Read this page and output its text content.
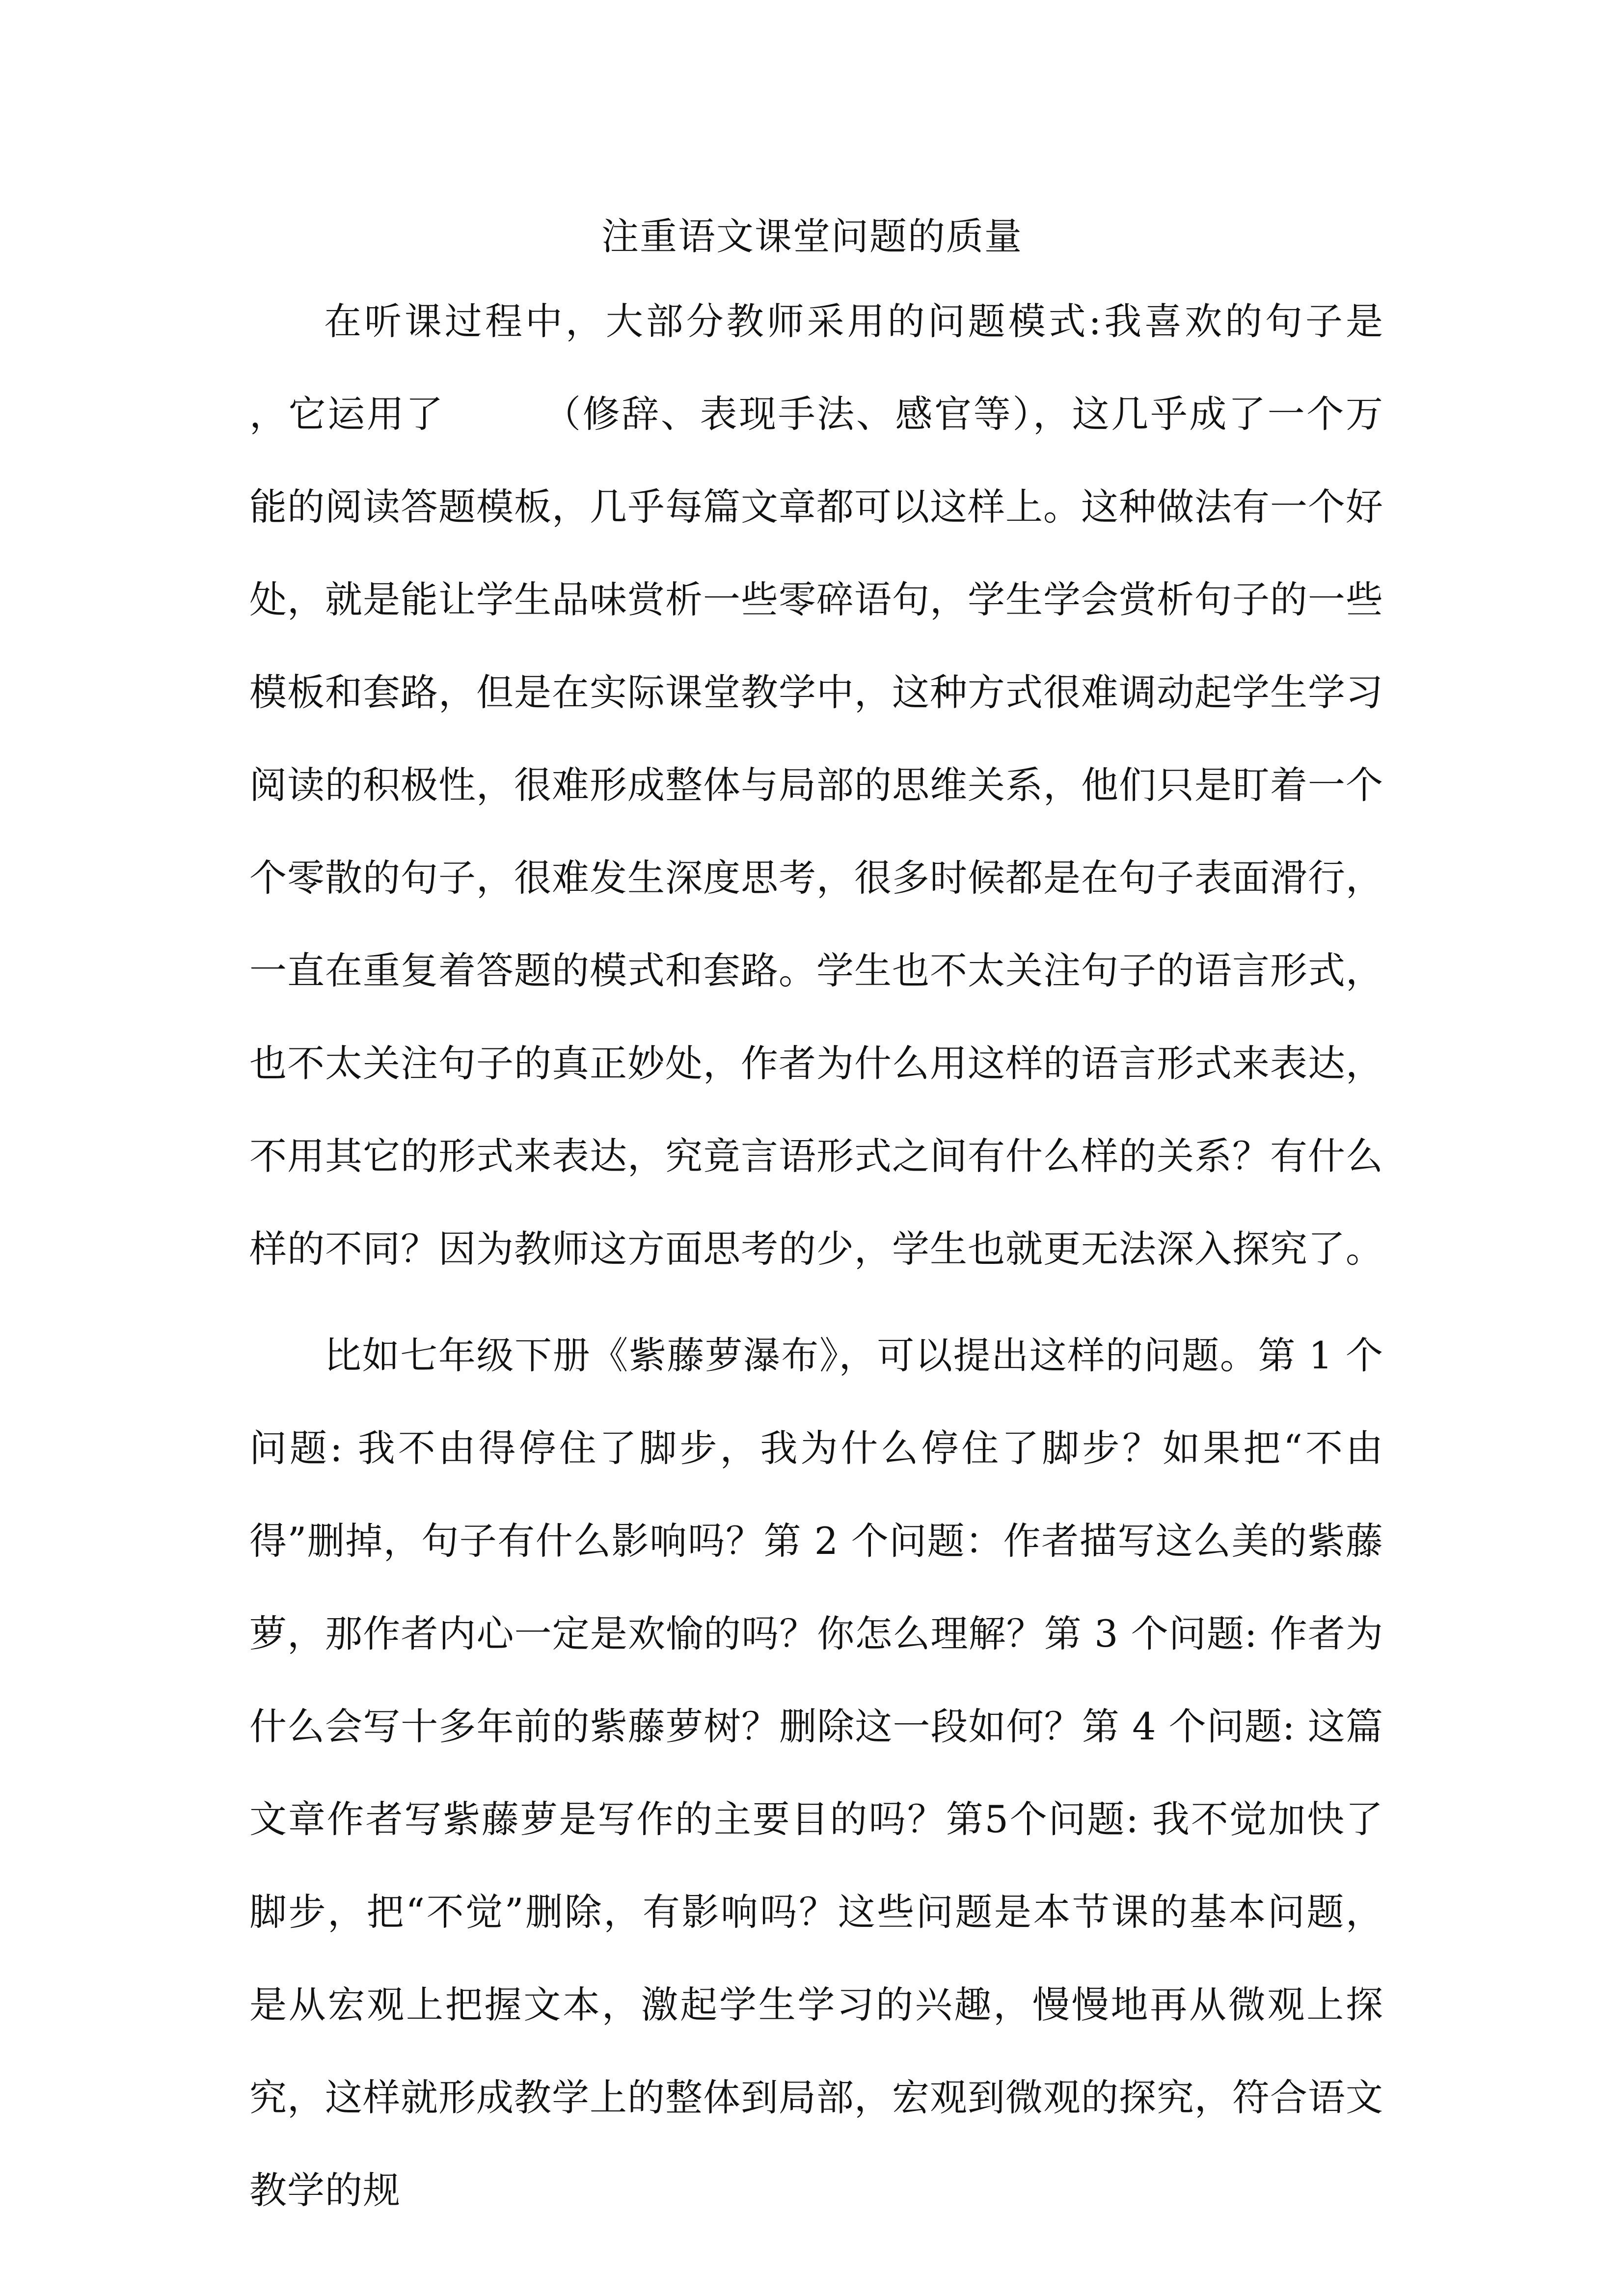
注重语文课堂问题的质量

在听课过程中，大部分教师采用的问题模式:我喜欢的句子是　　　，它运用了　　　（修辞、表现手法、感官等），这几乎成了一个万能的阅读答题模板，几乎每篇文章都可以这样上。这种做法有一个好处，就是能让学生品味赏析一些零碎语句，学生学会赏析句子的一些模板和套路，但是在实际课堂教学中，这种方式很难调动起学生学习阅读的积极性，很难形成整体与局部的思维关系，他们只是盯着一个个零散的句子，很难发生深度思考，很多时候都是在句子表面滑行，一直在重复着答题的模式和套路。学生也不太关注句子的语言形式，也不太关注句子的真正妙处，作者为什么用这样的语言形式来表达，不用其它的形式来表达，究竟言语形式之间有什么样的关系？有什么样的不同？因为教师这方面思考的少，学生也就更无法深入探究了。

比如七年级下册《紫藤萝瀑布》，可以提出这样的问题。第 1 个问题: 我不由得停住了脚步，我为什么停住了脚步？如果把“不由得”删掉，句子有什么影响吗？第 2 个问题：作者描写这么美的紫藤萝，那作者内心一定是欢愉的吗？你怎么理解？第 3 个问题: 作者为什么会写十多年前的紫藤萝树？删除这一段如何？第 4 个问题: 这篇文章作者写紫藤萝是写作的主要目的吗？第5个问题: 我不觉加快了脚步，把“不觉”删除，有影响吗？这些问题是本节课的基本问题，是从宏观上把握文本，激起学生学习的兴趣，慢慢地再从微观上探究，这样就形成教学上的整体到局部，宏观到微观的探究，符合语文教学的规
